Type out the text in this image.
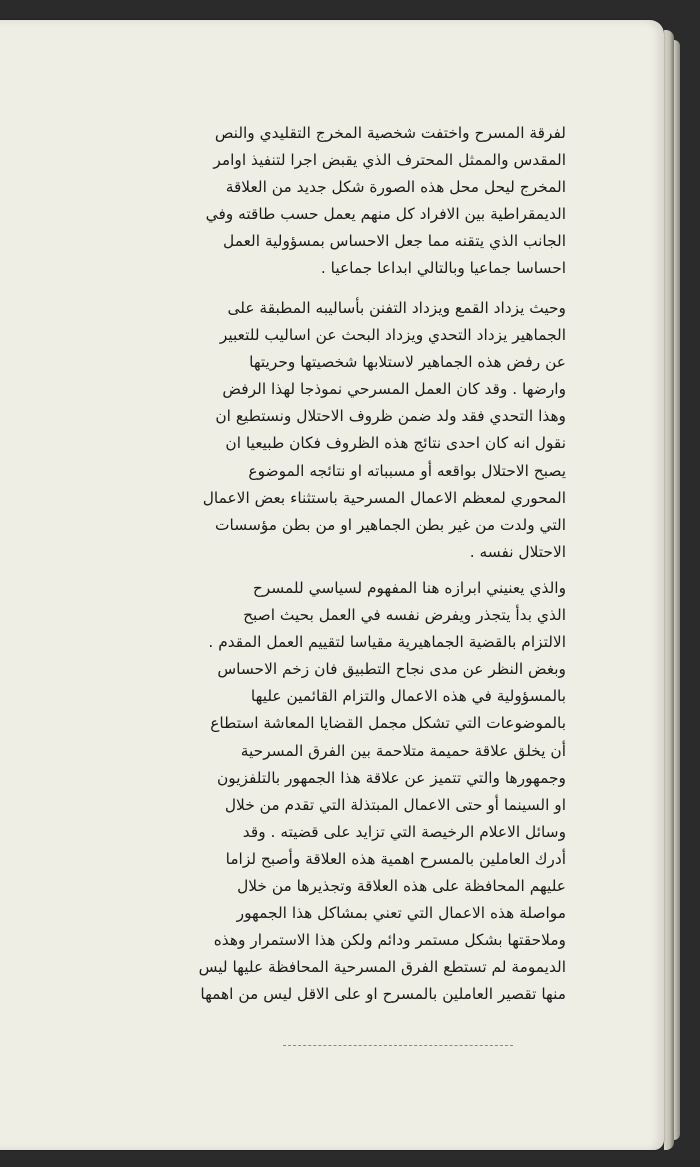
لفرقة المسرح واختفت شخصية المخرج التقليدي والنص
المقدس والممثل المحترف الذي يقبض اجرا لتنفيذ اوامر
المخرج ليحل محل هذه الصورة شكل جديد من العلاقة
الديمقراطية بين الافراد كل منهم يعمل حسب طاقته وفي
الجانب الذي يتقنه مما جعل الاحساس بمسؤولية العمل
احساسا جماعيا وبالتالي ابداعا جماعيا .
وحيث يزداد القمع ويزداد التفنن بأساليبه المطبقة على
الجماهير يزداد التحدي ويزداد البحث عن اساليب للتعبير
عن رفض هذه الجماهير لاستلابها شخصيتها وحريتها
وارضها . وقد كان العمل المسرحي نموذجا لهذا الرفض
وهذا التحدي فقد ولد ضمن ظروف الاحتلال ونستطيع ان
نقول انه كان احدى نتائج هذه الظروف فكان طبيعيا ان
يصبح الاحتلال بواقعه أو مسبباته او نتائجه الموضوع
المحوري لمعظم الاعمال المسرحية باستثناء بعض الاعمال
التي ولدت من غير بطن الجماهير او من بطن مؤسسات
الاحتلال نفسه .
والذي يعنيني ابرازه هنا المفهوم لسياسي للمسرح
الذي بدأ يتجذر ويفرض نفسه في العمل بحيث اصبح
الالتزام بالقضية الجماهيرية مقياسا لتقييم العمل المقدم .
وبغض النظر عن مدى نجاح التطبيق فان زخم الاحساس
بالمسؤولية في هذه الاعمال والتزام القائمين عليها
بالموضوعات التي تشكل مجمل القضايا المعاشة استطاع
أن يخلق علاقة حميمة متلاحمة بين الفرق المسرحية
وجمهورها والتي تتميز عن علاقة هذا الجمهور بالتلفزيون
او السينما أو حتى الاعمال المبتذلة التي تقدم من خلال
وسائل الاعلام الرخيصة التي تزايد على قضيته . وقد
أدرك العاملين بالمسرح اهمية هذه العلاقة وأصبح لزاما
عليهم المحافظة على هذه العلاقة وتجذيرها من خلال
مواصلة هذه الاعمال التي تعني بمشاكل هذا الجمهور
وملاحقتها بشكل مستمر ودائم ولكن هذا الاستمرار وهذه
الديمومة لم تستطع الفرق المسرحية المحافظة عليها ليس
منها تقصير العاملين بالمسرح او على الاقل ليس من اهمها
